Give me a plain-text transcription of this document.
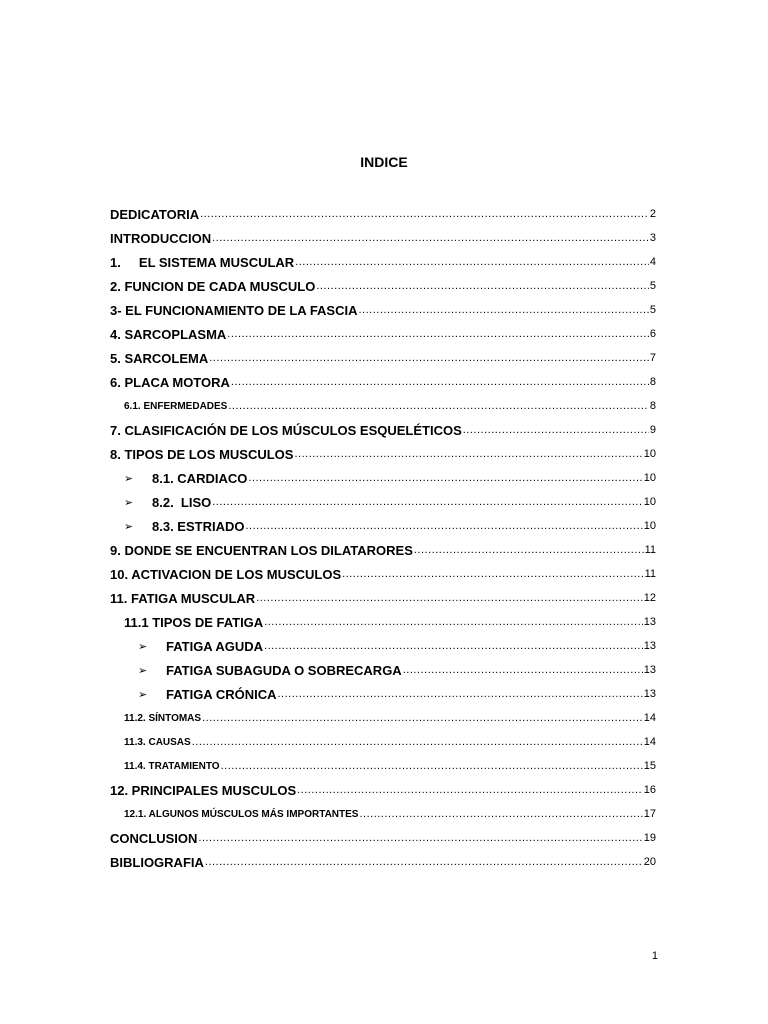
INDICE
DEDICATORIA .....	2
INTRODUCCION .....	3
1.     EL SISTEMA MUSCULAR .....	4
2. FUNCION DE CADA MUSCULO .....	5
3- EL FUNCIONAMIENTO DE LA FASCIA .....	5
4. SARCOPLASMA .....	6
5. SARCOLEMA .....	7
6. PLACA MOTORA .....	8
6.1. ENFERMEDADES .....	8
7. CLASIFICACIÓN DE LOS MÚSCULOS ESQUELÉTICOS .....	9
8. TIPOS DE LOS MUSCULOS .....	10
➢	8.1. CARDIACO .....	10
➢	8.2.  LISO .....	10
➢	8.3. ESTRIADO .....	10
9. DONDE SE ENCUENTRAN LOS DILATARORES .....	11
10. ACTIVACION DE LOS MUSCULOS .....	11
11. FATIGA MUSCULAR .....	12
11.1 TIPOS DE FATIGA .....	13
➢	FATIGA AGUDA .....	13
➢	FATIGA SUBAGUDA O SOBRECARGA .....	13
➢	FATIGA CRÓNICA .....	13
11.2. SÍNTOMAS .....	14
11.3. CAUSAS .....	14
11.4. TRATAMIENTO .....	15
12. PRINCIPALES MUSCULOS .....	16
12.1. ALGUNOS MÚSCULOS MÁS IMPORTANTES .....	17
CONCLUSION .....	19
BIBLIOGRAFIA .....	20

1
